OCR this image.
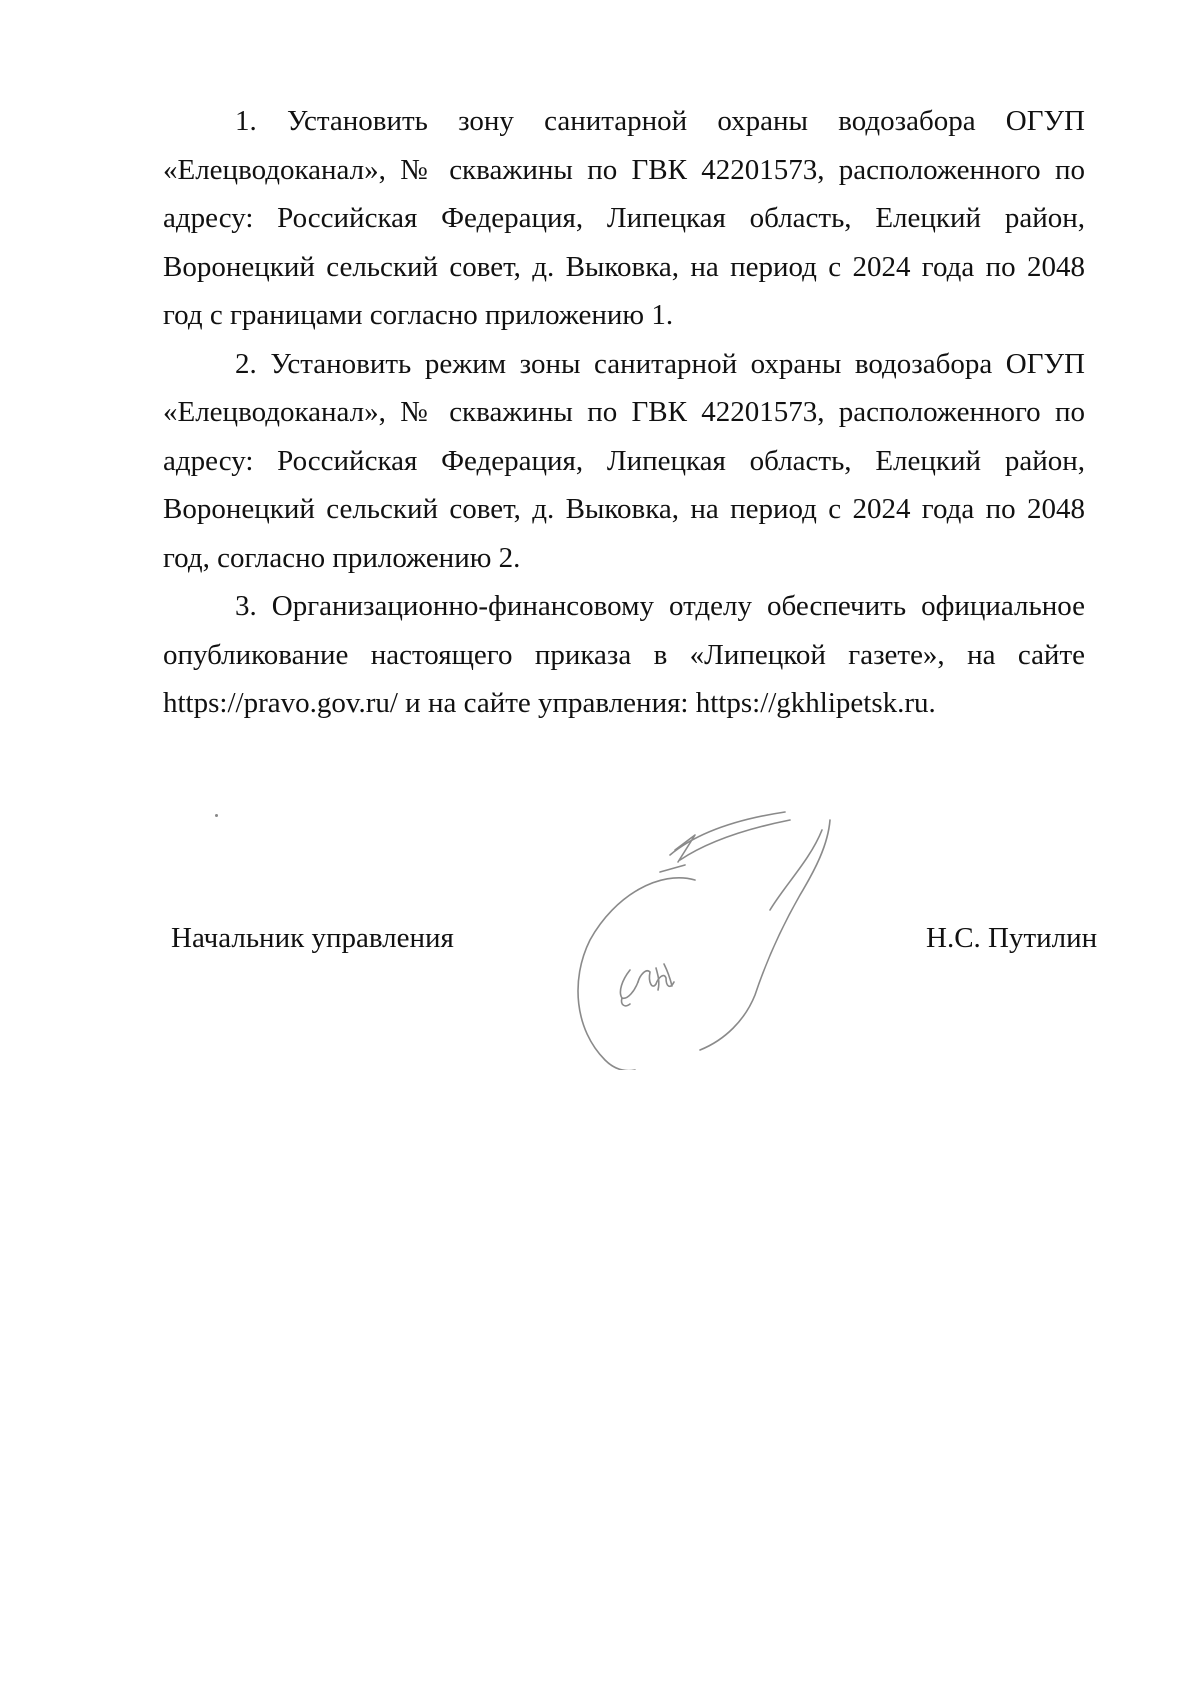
1. Установить зону санитарной охраны водозабора ОГУП «Елецводоканал», № скважины по ГВК 42201573, расположенного по адресу: Российская Федерация, Липецкая область, Елецкий район, Воронецкий сельский совет, д. Выковка, на период с 2024 года по 2048 год с границами согласно приложению 1.

2. Установить режим зоны санитарной охраны водозабора ОГУП «Елецводоканал», № скважины по ГВК 42201573, расположенного по адресу: Российская Федерация, Липецкая область, Елецкий район, Воронецкий сельский совет, д. Выковка, на период с 2024 года по 2048 год, согласно приложению 2.

3. Организационно-финансовому отделу обеспечить официальное опубликование настоящего приказа в «Липецкой газете», на сайте https://pravo.gov.ru/ и на сайте управления: https://gkhlipetsk.ru.

Начальник управления	Н.С. Путилин
